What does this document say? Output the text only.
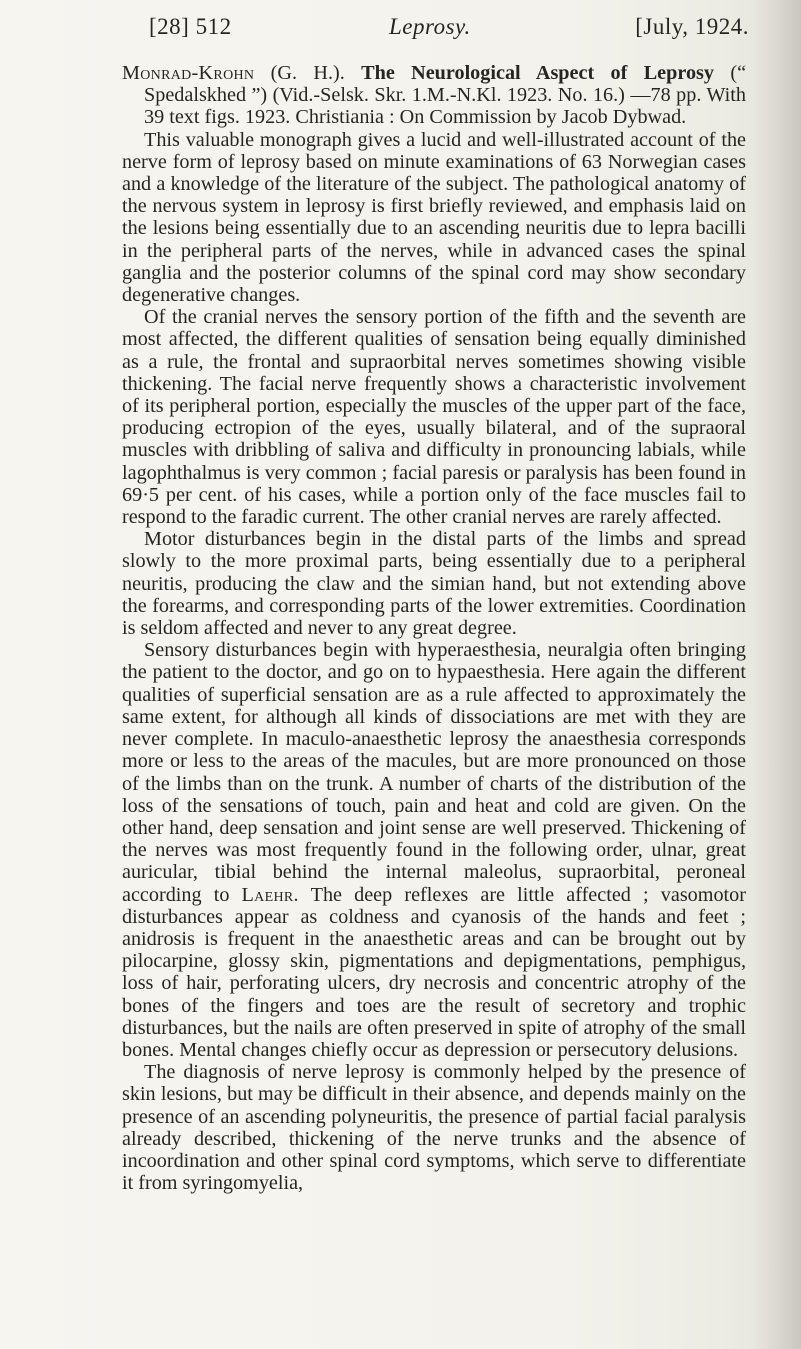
[28] 512	Leprosy.	[July, 1924.

Monrad-Krohn (G. H.). The Neurological Aspect of Leprosy (“ Spedalskhed ”) (Vid.-Selsk. Skr. 1.M.-N.Kl. 1923. No. 16.) —78 pp. With 39 text figs. 1923. Christiania : On Commission by Jacob Dybwad.

This valuable monograph gives a lucid and well-illustrated account of the nerve form of leprosy based on minute examinations of 63 Norwegian cases and a knowledge of the literature of the subject. The pathological anatomy of the nervous system in leprosy is first briefly reviewed, and emphasis laid on the lesions being essentially due to an ascending neuritis due to lepra bacilli in the peripheral parts of the nerves, while in advanced cases the spinal ganglia and the posterior columns of the spinal cord may show secondary degenerative changes.

Of the cranial nerves the sensory portion of the fifth and the seventh are most affected, the different qualities of sensation being equally diminished as a rule, the frontal and supraorbital nerves sometimes showing visible thickening. The facial nerve frequently shows a characteristic involvement of its peripheral portion, especially the muscles of the upper part of the face, producing ectropion of the eyes, usually bilateral, and of the supraoral muscles with dribbling of saliva and difficulty in pronouncing labials, while lagophthalmus is very common ; facial paresis or paralysis has been found in 69·5 per cent. of his cases, while a portion only of the face muscles fail to respond to the faradic current. The other cranial nerves are rarely affected.

Motor disturbances begin in the distal parts of the limbs and spread slowly to the more proximal parts, being essentially due to a peripheral neuritis, producing the claw and the simian hand, but not extending above the forearms, and corresponding parts of the lower extremities. Coordination is seldom affected and never to any great degree.

Sensory disturbances begin with hyperaesthesia, neuralgia often bringing the patient to the doctor, and go on to hypaesthesia. Here again the different qualities of superficial sensation are as a rule affected to approximately the same extent, for although all kinds of dissociations are met with they are never complete. In maculo-anaesthetic leprosy the anaesthesia corresponds more or less to the areas of the macules, but are more pronounced on those of the limbs than on the trunk. A number of charts of the distribution of the loss of the sensations of touch, pain and heat and cold are given. On the other hand, deep sensation and joint sense are well preserved. Thickening of the nerves was most frequently found in the following order, ulnar, great auricular, tibial behind the internal maleolus, supraorbital, peroneal according to Laehr. The deep reflexes are little affected ; vasomotor disturbances appear as coldness and cyanosis of the hands and feet ; anidrosis is frequent in the anaesthetic areas and can be brought out by pilocarpine, glossy skin, pigmentations and depigmentations, pemphigus, loss of hair, perforating ulcers, dry necrosis and concentric atrophy of the bones of the fingers and toes are the result of secretory and trophic disturbances, but the nails are often preserved in spite of atrophy of the small bones. Mental changes chiefly occur as depression or persecutory delusions.

The diagnosis of nerve leprosy is commonly helped by the presence of skin lesions, but may be difficult in their absence, and depends mainly on the presence of an ascending polyneuritis, the presence of partial facial paralysis already described, thickening of the nerve trunks and the absence of incoordination and other spinal cord symptoms, which serve to differentiate it from syringomyelia,
